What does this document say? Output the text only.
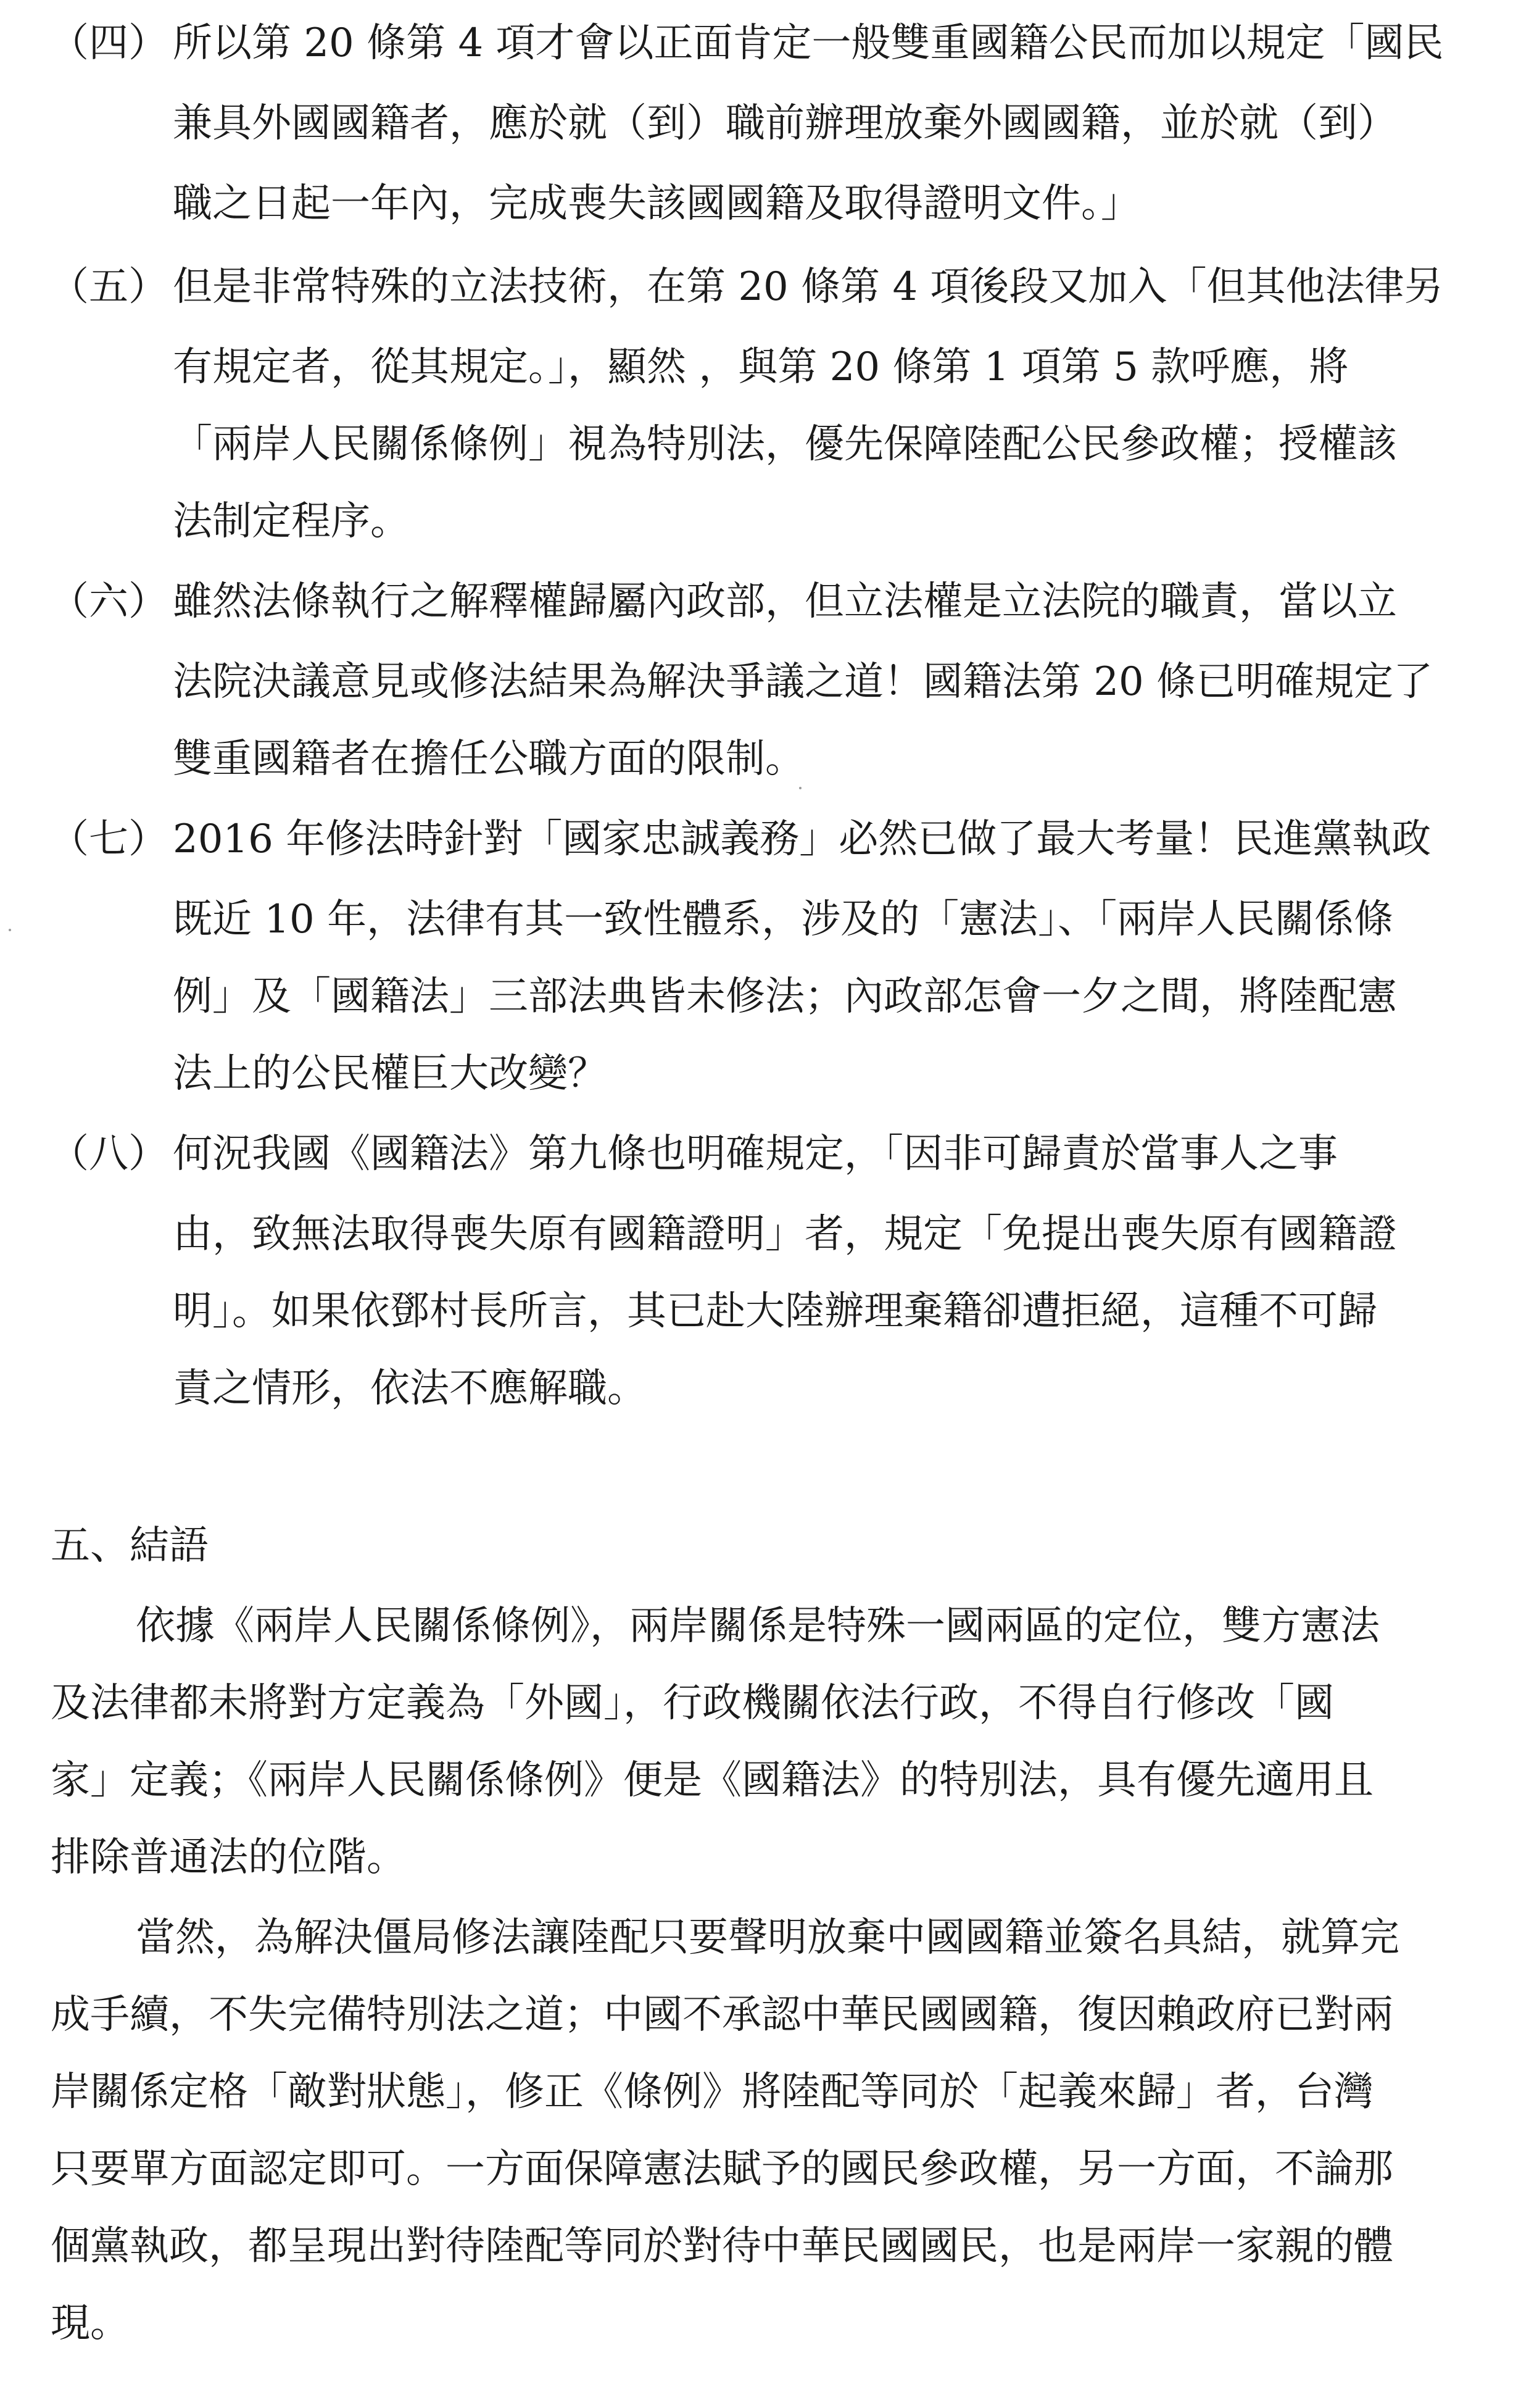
（四） 所以第 20 條第 4 項才會以正面肯定一般雙重國籍公民而加以規定「國民
兼具外國國籍者，應於就（到）職前辦理放棄外國國籍，並於就（到）
職之日起一年內，完成喪失該國國籍及取得證明文件。」
（五） 但是非常特殊的立法技術，在第 20 條第 4 項後段又加入「但其他法律另
有規定者，從其規定。」，顯然 ，與第 20 條第 1 項第 5 款呼應，將
「兩岸人民關係條例」視為特別法，優先保障陸配公民參政權；授權該
法制定程序。
（六） 雖然法條執行之解釋權歸屬內政部，但立法權是立法院的職責，當以立
法院決議意見或修法結果為解決爭議之道！國籍法第 20 條已明確規定了
雙重國籍者在擔任公職方面的限制。
（七） 2016 年修法時針對「國家忠誠義務」必然已做了最大考量！民進黨執政
既近 10 年，法律有其一致性體系，涉及的「憲法」、「兩岸人民關係條
例」及「國籍法」三部法典皆未修法；內政部怎會一夕之間，將陸配憲
法上的公民權巨大改變？
（八） 何況我國《國籍法》第九條也明確規定，「因非可歸責於當事人之事
由，致無法取得喪失原有國籍證明」者，規定「免提出喪失原有國籍證
明」。如果依鄧村長所言，其已赴大陸辦理棄籍卻遭拒絕，這種不可歸
責之情形，依法不應解職。
五、結語
依據《兩岸人民關係條例》，兩岸關係是特殊一國兩區的定位，雙方憲法
及法律都未將對方定義為「外國」，行政機關依法行政，不得自行修改「國
家」定義；《兩岸人民關係條例》便是《國籍法》的特別法，具有優先適用且
排除普通法的位階。
當然，為解決僵局修法讓陸配只要聲明放棄中國國籍並簽名具結，就算完
成手續，不失完備特別法之道；中國不承認中華民國國籍，復因賴政府已對兩
岸關係定格「敵對狀態」，修正《條例》將陸配等同於「起義來歸」者，台灣
只要單方面認定即可。一方面保障憲法賦予的國民參政權，另一方面，不論那
個黨執政，都呈現出對待陸配等同於對待中華民國國民，也是兩岸一家親的體
現。
